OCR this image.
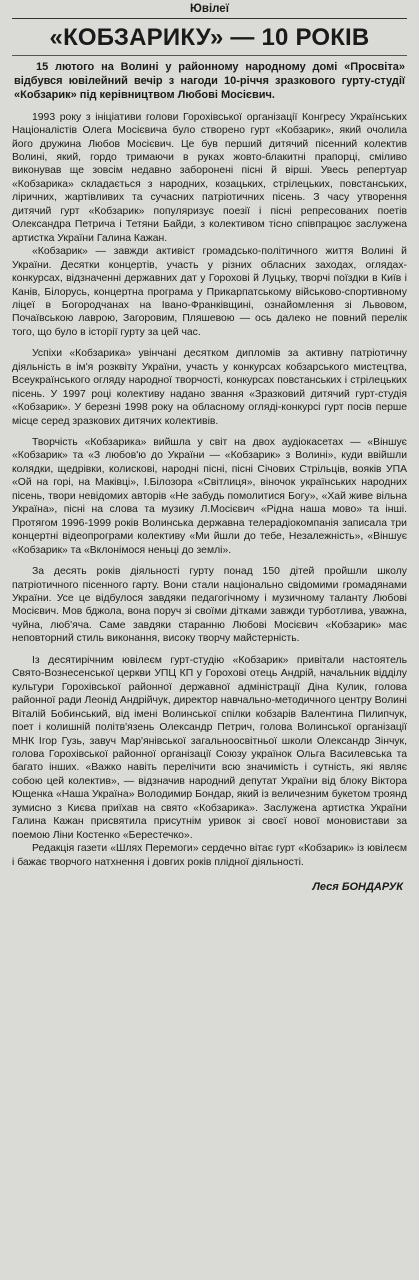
Ювілеї
«КОБЗАРИКУ» — 10 РОКІВ

15 лютого на Волині у районному народному домі «Просвіта» відбувся ювілейний вечір з нагоди 10-річчя зразкового гурту-студії «Кобзарик» під керівництвом Любові Мосієвич.

1993 року з ініціативи голови Горохівської організації Конгресу Українських Націоналістів Олега Мосієвича було створено гурт «Кобзарик», який очолила його дружина Любов Мосієвич. Це був перший дитячий пісенний колектив Волині, який, гордо тримаючи в руках жовто-блакитні прапорці, сміливо виконував ще зовсім недавно заборонені пісні й вірші. Увесь репертуар «Кобзарика» складається з народних, козацьких, стрілецьких, повстанських, ліричних, жартівливих та сучасних патріотичних пісень. З часу утворення дитячий гурт «Кобзарик» популяризує поезії і пісні репресованих поетів Олександра Петрича і Тетяни Байди, з колективом тісно співпрацює заслужена артистка України Галина Кажан.

«Кобзарик» — завжди активіст громадсько-політичного життя Волині й України. Десятки концертів, участь у різних обласних заходах, оглядах-конкурсах, відзначенні державних дат у Горохові й Луцьку, творчі поїздки в Київ і Канів, Білорусь, концертна програма у Прикарпатському військово-спортивному ліцеї в Богородчанах на Івано-Франківщині, ознайомлення зі Львовом, Почаївською лаврою, Загоровим, Пляшевою — ось далеко не повний перелік того, що було в історії гурту за цей час.

Успіхи «Кобзарика» увінчані десятком дипломів за активну патріотичну діяльність в ім'я розквіту України, участь у конкурсах кобзарського мистецтва, Всеукраїнського огляду народної творчості, конкурсах повстанських і стрілецьких пісень. У 1997 році колективу надано звання «Зразковий дитячий гурт-студія «Кобзарик». У березні 1998 року на обласному огляді-конкурсі гурт посів перше місце серед зразкових дитячих колективів.

Творчість «Кобзарика» вийшла у світ на двох аудіокасетах — «Віншує «Кобзарик» та «З любов'ю до України — «Кобзарик» з Волині», куди ввійшли колядки, щедрівки, колискові, народні пісні, пісні Січових Стрільців, вояків УПА «Ой на горі, на Маківці», І.Білозора «Світлиця», віночок українських народних пісень, твори невідомих авторів «Не забудь помолитися Богу», «Хай живе вільна Україна», пісні на слова та музику Л.Мосієвич «Рідна наша мово» та інші. Протягом 1996-1999 років Волинська державна телерадіокомпанія записала три концертні відеопрограми колективу «Ми йшли до тебе, Незалежність», «Віншує «Кобзарик» та «Вклонімося неньці до землі».

За десять років діяльності гурту понад 150 дітей пройшли школу патріотичного пісенного гарту. Вони стали національно свідомими громадянами України. Усе це відбулося завдяки педагогічному і музичному таланту Любові Мосієвич. Мов бджола, вона поруч зі своїми дітками завжди турботлива, уважна, чуйна, люб'яча. Саме завдяки старанню Любові Мосієвич «Кобзарик» має неповторний стиль виконання, високу творчу майстерність.

Із десятирічним ювілеєм гурт-студію «Кобзарик» привітали настоятель Свято-Вознесенської церкви УПЦ КП у Горохові отець Андрій, начальник відділу культури Горохівської районної державної адміністрації Діна Кулик, голова районної ради Леонід Андрійчук, директор навчально-методичного центру Волині Віталій Бобинський, від імені Волинської спілки кобзарів Валентина Пилипчук, поет і колишній політв'язень Олександр Петрич, голова Волинської організації МНК Ігор Гузь, завуч Мар'янівської загальноосвітньої школи Олександр Зінчук, голова Горохівської районної організації Союзу українок Ольга Василевська та багато інших. «Важко навіть перелічити всю значимість і сутність, які являє собою цей колектив», — відзначив народний депутат України від блоку Віктора Ющенка «Наша Україна» Володимир Бондар, який із величезним букетом троянд зумисно з Києва приїхав на свято «Кобзарика». Заслужена артистка України Галина Кажан присвятила присутнім уривок зі своєї нової моновистави за поемою Ліни Костенко «Берестечко».

Редакція газети «Шлях Перемоги» сердечно вітає гурт «Кобзарик» із ювілеєм і бажає творчого натхнення і довгих років плідної діяльності.

Леся БОНДАРУК
